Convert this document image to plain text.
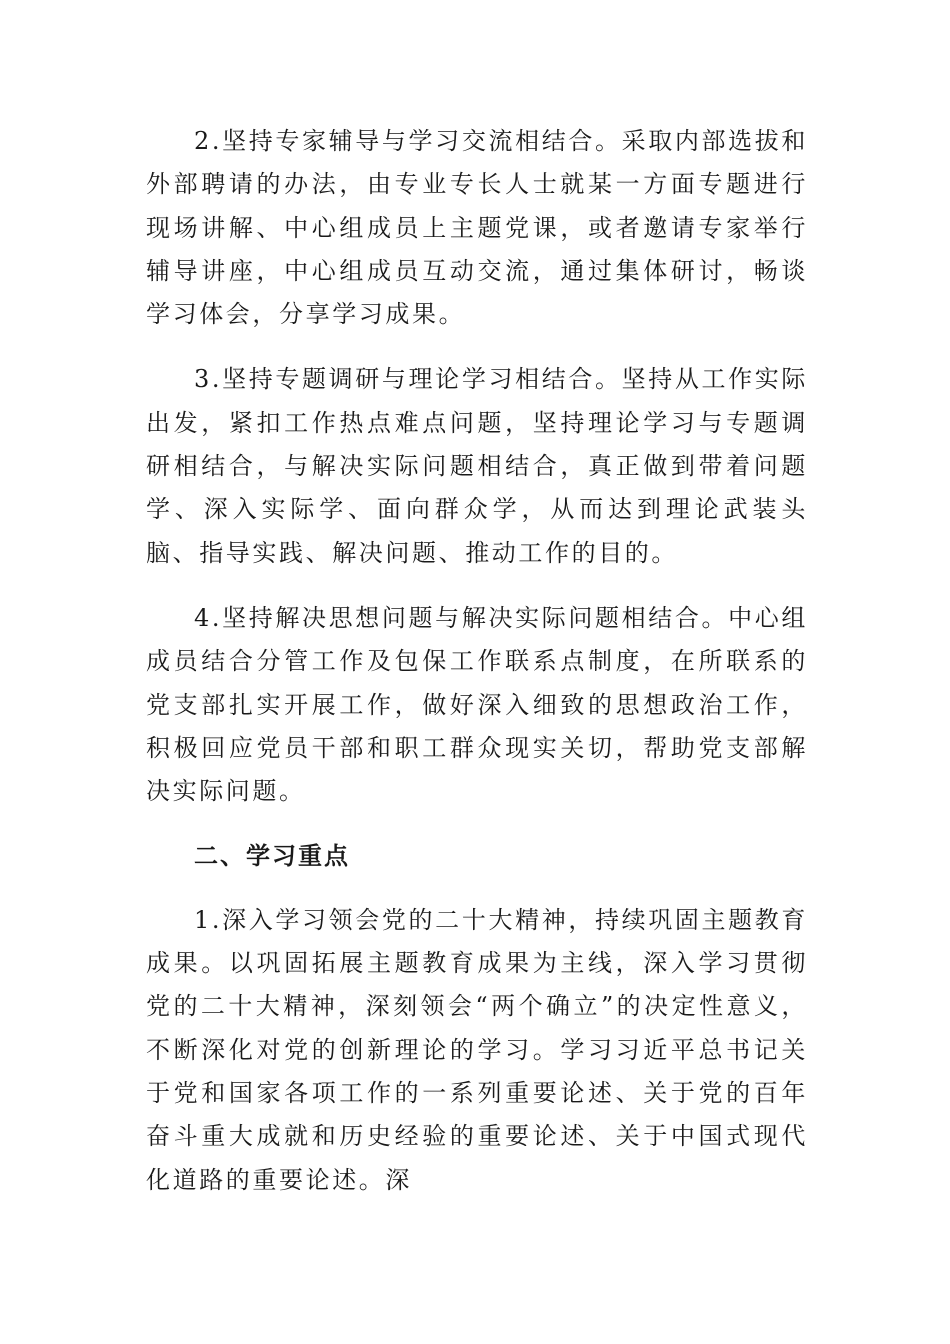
2.坚持专家辅导与学习交流相结合。采取内部选拔和外部聘请的办法，由专业专长人士就某一方面专题进行现场讲解、中心组成员上主题党课，或者邀请专家举行辅导讲座，中心组成员互动交流，通过集体研讨，畅谈学习体会，分享学习成果。

3.坚持专题调研与理论学习相结合。坚持从工作实际出发，紧扣工作热点难点问题，坚持理论学习与专题调研相结合，与解决实际问题相结合，真正做到带着问题学、深入实际学、面向群众学，从而达到理论武装头脑、指导实践、解决问题、推动工作的目的。

4.坚持解决思想问题与解决实际问题相结合。中心组成员结合分管工作及包保工作联系点制度，在所联系的党支部扎实开展工作，做好深入细致的思想政治工作，积极回应党员干部和职工群众现实关切，帮助党支部解决实际问题。

二、学习重点

1.深入学习领会党的二十大精神，持续巩固主题教育成果。以巩固拓展主题教育成果为主线，深入学习贯彻党的二十大精神，深刻领会“两个确立”的决定性意义，不断深化对党的创新理论的学习。学习习近平总书记关于党和国家各项工作的一系列重要论述、关于党的百年奋斗重大成就和历史经验的重要论述、关于中国式现代化道路的重要论述。深
